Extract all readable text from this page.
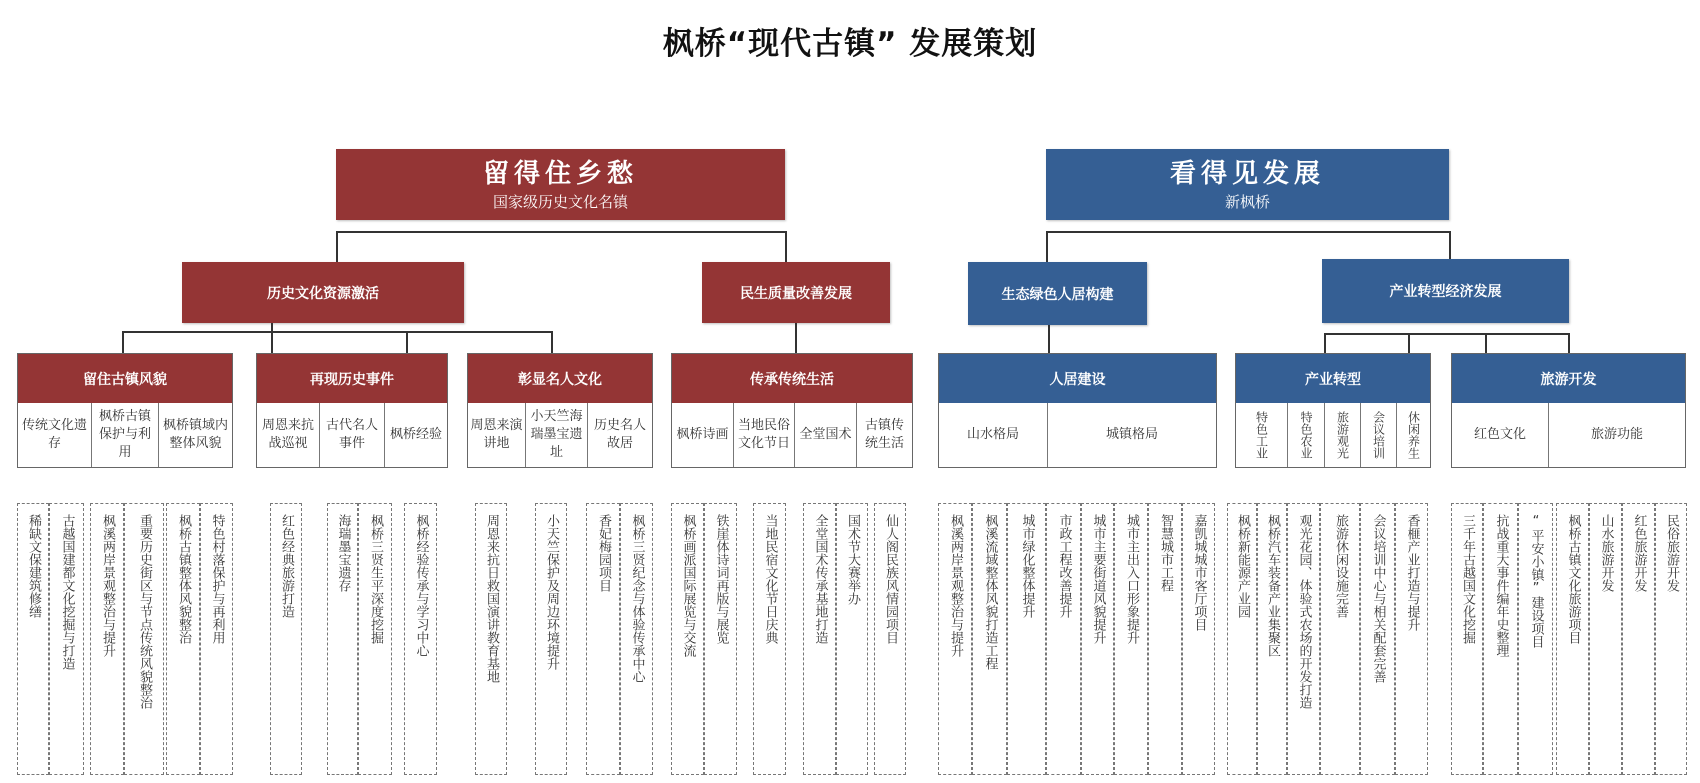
枫桥“现代古镇” 发展策划
留得住乡愁
国家级历史文化名镇
历史文化资源激活	民生质量改善发展
留住古镇风貌
传统文化遗存
枫桥古镇保护与利用
枫桥镇域内整体风貌
再现历史事件
周恩来抗战巡视
古代名人事件
枫桥经验
彰显名人文化
周恩来演讲地
小天竺海瑞墨宝遗址
历史名人故居
传承传统生活
枫桥诗画
当地民俗文化节日
全堂国术
古镇传统生活
看得见发展
新枫桥
生态绿色人居构建	产业转型经济发展
人居建设
山水格局	城镇格局
产业转型
特色工业	特色农业	旅游观光	会议培训	休闲养生
旅游开发
红色文化	旅游功能
稀缺文保建筑修缮 古越国建都文化挖掘与打造 枫溪两岸景观整治与提升 重要历史街区与节点传统风貌整治 枫桥古镇整体风貌整治 特色村落保护与再利用	红色经典旅游打造	海瑞墨宝遗存 枫桥三贤生平深度挖掘 枫桥经验传承与学习中心	周恩来抗日救国演讲教育基地	小天竺保护及周边环境提升	香妃梅园项目 枫桥三贤纪念与体验传承中心	枫桥画派国际展览与交流 铁崖体诗词再版与展览	当地民宿文化节日庆典	全堂国术传承基地打造 国术节大赛举办 仙人阁民族风情园项目	枫溪两岸景观整治与提升 枫溪流域整体风貌打造工程 城市绿化整体提升 市政工程改善提升 城市主要街道风貌提升 城市主出入口形象提升 智慧城市工程 嘉凯城城市客厅项目 枫桥新能源产业园 枫桥汽车装备产业集聚区 观光花园、体验式农场的开发打造 旅游休闲设施完善 会议培训中心与相关配套完善 香榧产业打造与提升	三千年古越国文化挖掘 抗战重大事件编年史整理 “平安小镇”建设项目 枫桥古镇文化旅游项目 山水旅游开发 红色旅游开发 民俗旅游开发
